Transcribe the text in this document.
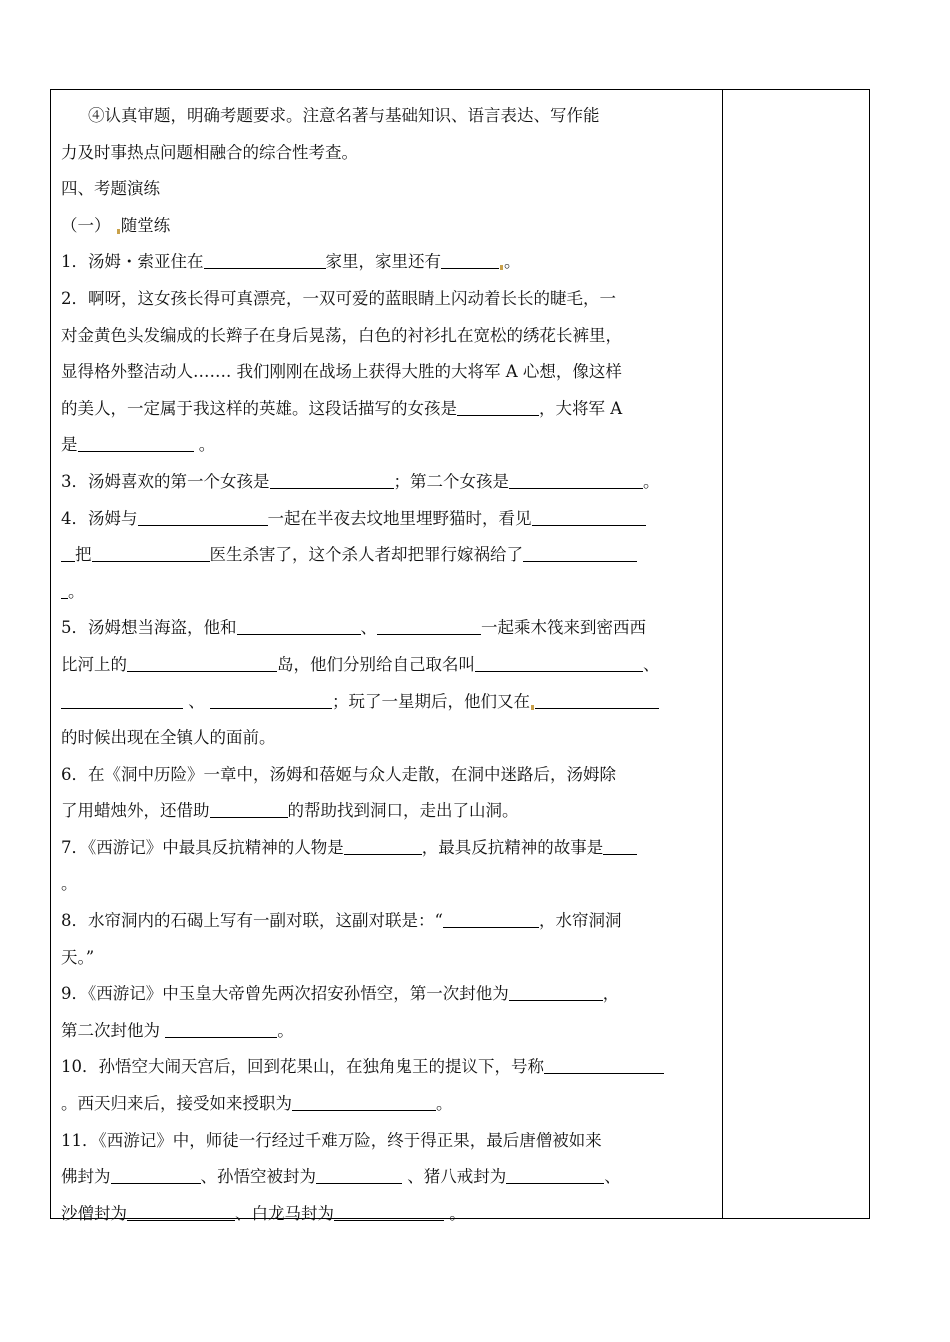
④认真审题，明确考题要求。注意名著与基础知识、语言表达、写作能
力及时事热点问题相融合的综合性考查。
四、考题演练
（一） 随堂练
1．汤姆・索亚住在	家里，家里还有	。
2．啊呀，这女孩长得可真漂亮，一双可爱的蓝眼睛上闪动着长长的睫毛，一
对金黄色头发编成的长辫子在身后晃荡，白色的衬衫扎在宽松的绣花长裤里，
显得格外整洁动人……. 我们刚刚在战场上获得大胜的大将军 A 心想，像这样
的美人，一定属于我这样的英雄。这段话描写的女孩是	，大将军 A
是	。
3．汤姆喜欢的第一个女孩是	；第二个女孩是	。
4．汤姆与	一起在半夜去坟地里埋野猫时，看见
把	医生杀害了，这个杀人者却把罪行嫁祸给了
。
5．汤姆想当海盗，他和	、	一起乘木筏来到密西西
比河上的	岛，他们分别给自己取名叫	、
、	；玩了一星期后，他们又在
的时候出现在全镇人的面前。
6．在《洞中历险》一章中，汤姆和蓓姬与众人走散，在洞中迷路后，汤姆除
了用蜡烛外，还借助	的帮助找到洞口，走出了山洞。
7．《西游记》中最具反抗精神的人物是	，最具反抗精神的故事是
。
8．水帘洞内的石碣上写有一副对联，这副对联是：“	，水帘洞洞
天。”
9．《西游记》中玉皇大帝曾先两次招安孙悟空，第一次封他为	，
第二次封他为	。
10．孙悟空大闹天宫后，回到花果山，在独角鬼王的提议下，号称
。西天归来后，接受如来授职为	。
11．《西游记》中，师徒一行经过千难万险，终于得正果，最后唐僧被如来
佛封为	、孙悟空被封为	、猪八戒封为	、
沙僧封为	、白龙马封为	。
